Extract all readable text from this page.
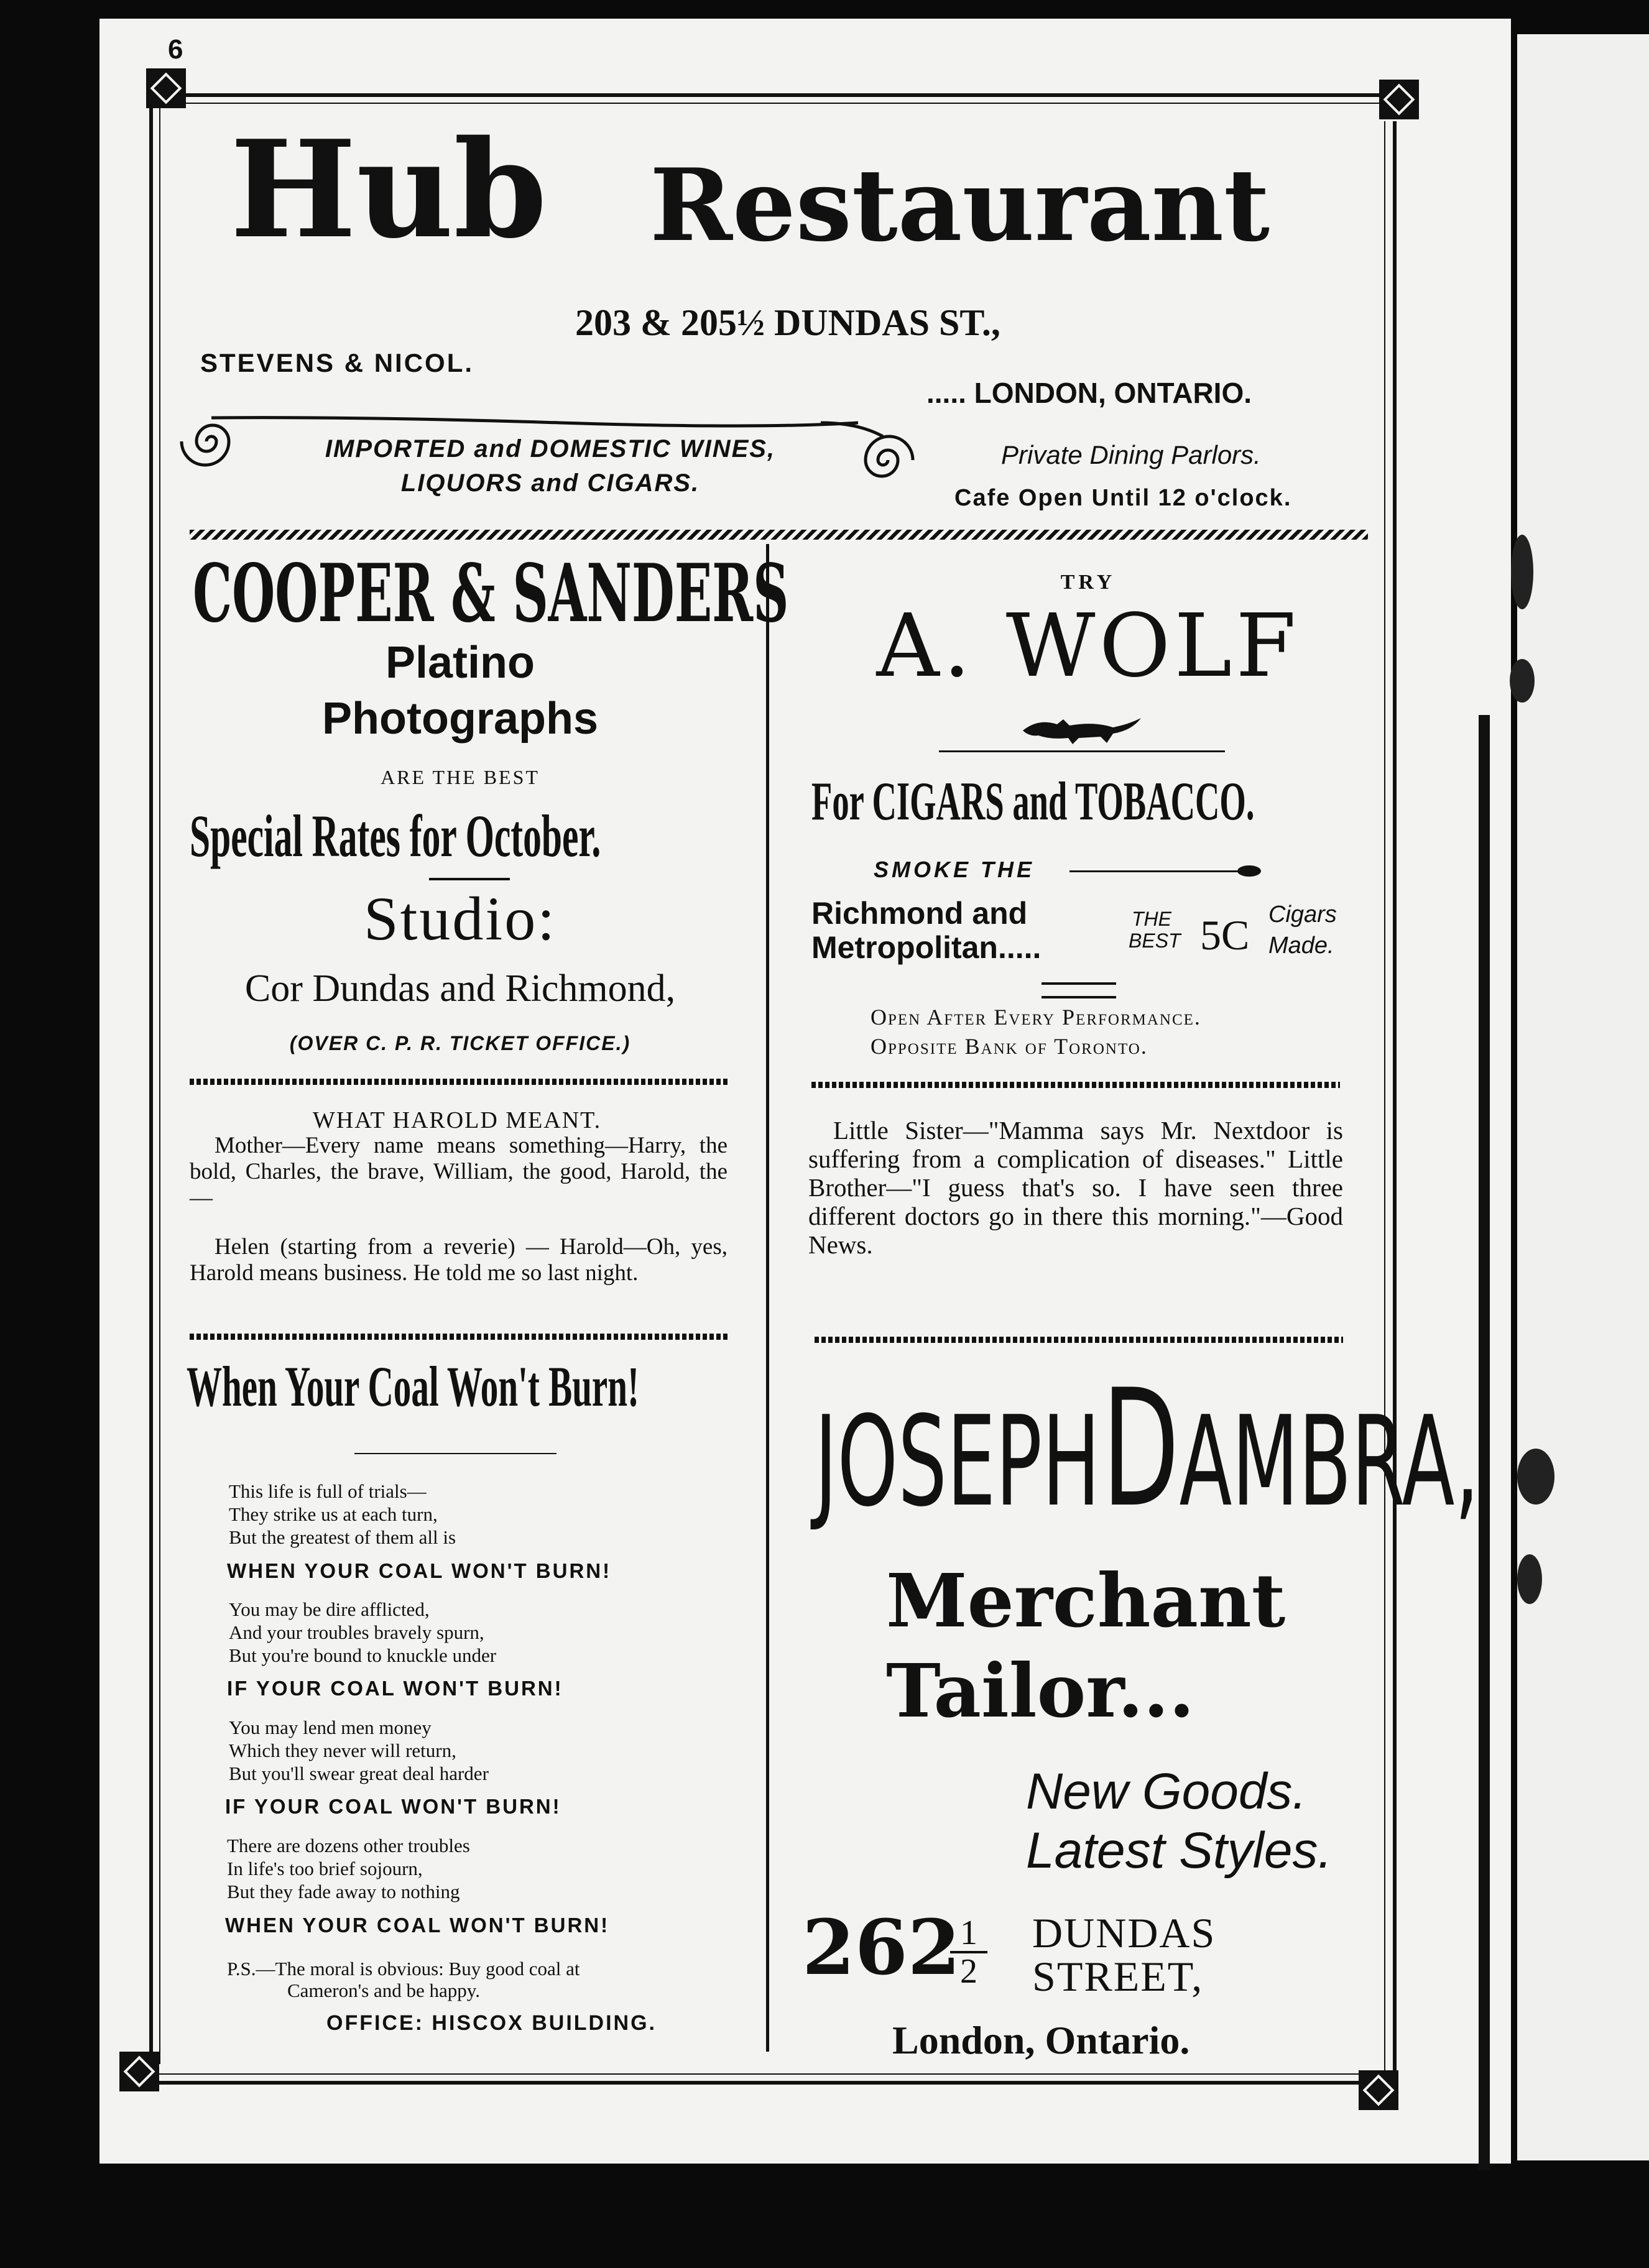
6
Hub Restaurant
203 & 205½ DUNDAS ST.,
STEVENS & NICOL.
..... LONDON, ONTARIO.
IMPORTED and DOMESTIC WINES,
LIQUORS and CIGARS.
Private Dining Parlors.
Cafe Open Until 12 o'clock.
COOPER & SANDERS
Platino
Photographs
ARE THE BEST
Special Rates for October.
Studio:
Cor Dundas and Richmond,
(OVER C. P. R. TICKET OFFICE.)
WHAT HAROLD MEANT.
Mother—Every name means something—Harry, the bold, Charles, the brave, William, the good, Harold, the —
Helen (starting from a reverie) — Harold—Oh, yes, Harold means business. He told me so last night.
When Your Coal Won't Burn!
This life is full of trials—
They strike us at each turn,
But the greatest of them all is
WHEN YOUR COAL WON'T BURN!
You may be dire afflicted,
And your troubles bravely spurn,
But you're bound to knuckle under
IF YOUR COAL WON'T BURN!
You may lend men money
Which they never will return,
But you'll swear great deal harder
IF YOUR COAL WON'T BURN!
There are dozens other troubles
In life's too brief sojourn,
But they fade away to nothing
WHEN YOUR COAL WON'T BURN!
P.S.—The moral is obvious: Buy good coal at
Cameron's and be happy.
OFFICE: HISCOX BUILDING.
TRY
A. WOLF
For CIGARS and TOBACCO.
SMOKE THE
Richmond and
Metropolitan.....
THE
BEST 5C Cigars
Made.
Open After Every Performance.
Opposite Bank of Toronto.
Little Sister—"Mamma says Mr. Nextdoor is suffering from a complication of diseases." Little Brother—"I guess that's so. I have seen three different doctors go in there this morning."—Good News.
JOSEPH DAMBRA,
Merchant
Tailor...
New Goods.
Latest Styles.
262
$\frac{1}{2}$ DUNDAS
STREET,
London, Ontario.
